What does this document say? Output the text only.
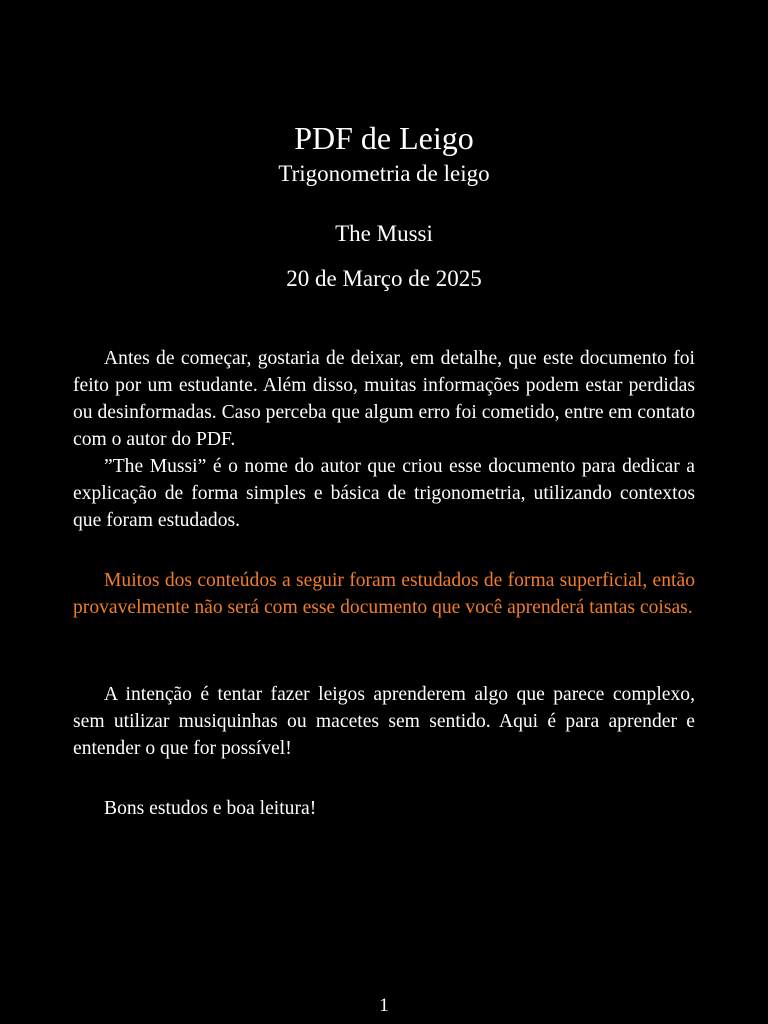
PDF de Leigo
Trigonometria de leigo
The Mussi
20 de Março de 2025

Antes de começar, gostaria de deixar, em detalhe, que este documento foi feito por um estudante. Além disso, muitas informações podem estar perdidas ou desinformadas. Caso perceba que algum erro foi cometido, entre em contato com o autor do PDF.

”The Mussi” é o nome do autor que criou esse documento para dedicar a explicação de forma simples e básica de trigonometria, utilizando contextos que foram estudados.

Muitos dos conteúdos a seguir foram estudados de forma superficial, então provavelmente não será com esse documento que você aprenderá tantas coisas.

A intenção é tentar fazer leigos aprenderem algo que parece complexo, sem utilizar musiquinhas ou macetes sem sentido. Aqui é para aprender e entender o que for possível!

Bons estudos e boa leitura!

1
